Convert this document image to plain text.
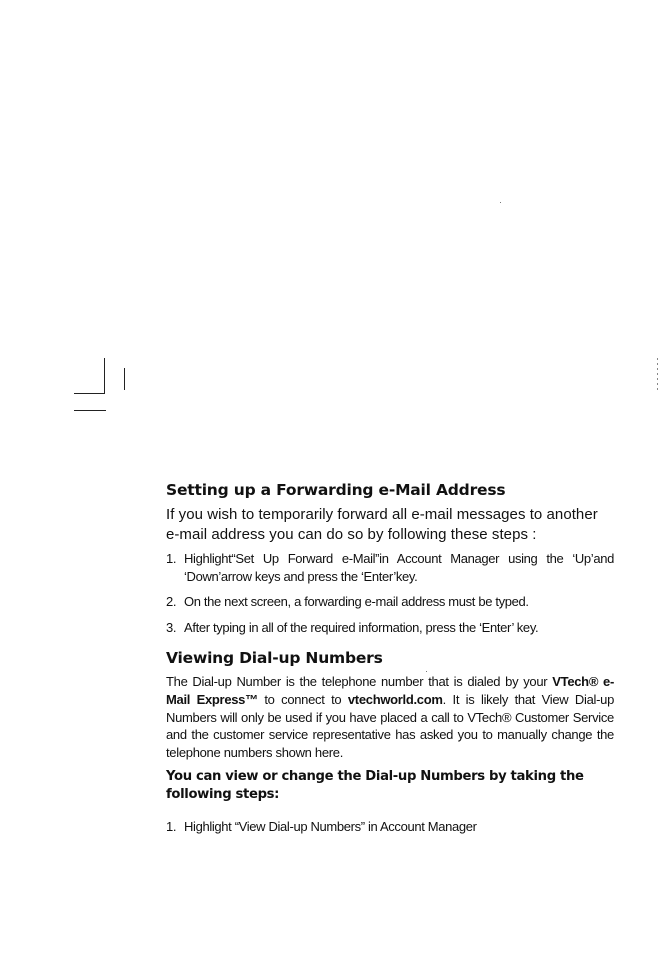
Setting up a Forwarding e-Mail Address

If you wish to temporarily forward all e-mail messages to another e-mail address you can do so by following these steps :

1. Highlight“Set Up Forward e-Mail”in Account Manager using the ‘Up’and ‘Down’arrow keys and press the ‘Enter’key.
2. On the next screen, a forwarding e-mail address must be typed.
3. After typing in all of the required information, press the ‘Enter’ key.
Viewing Dial-up Numbers

The Dial-up Number is the telephone number that is dialed by your VTech® e-Mail Express™ to connect to vtechworld.com. It is likely that View Dial-up Numbers will only be used if you have placed a call to VTech® Customer Service and the customer service representative has asked you to manually change the telephone numbers shown here.

You can view or change the Dial-up Numbers by taking the following steps:

1. Highlight “View Dial-up Numbers” in Account Manager
